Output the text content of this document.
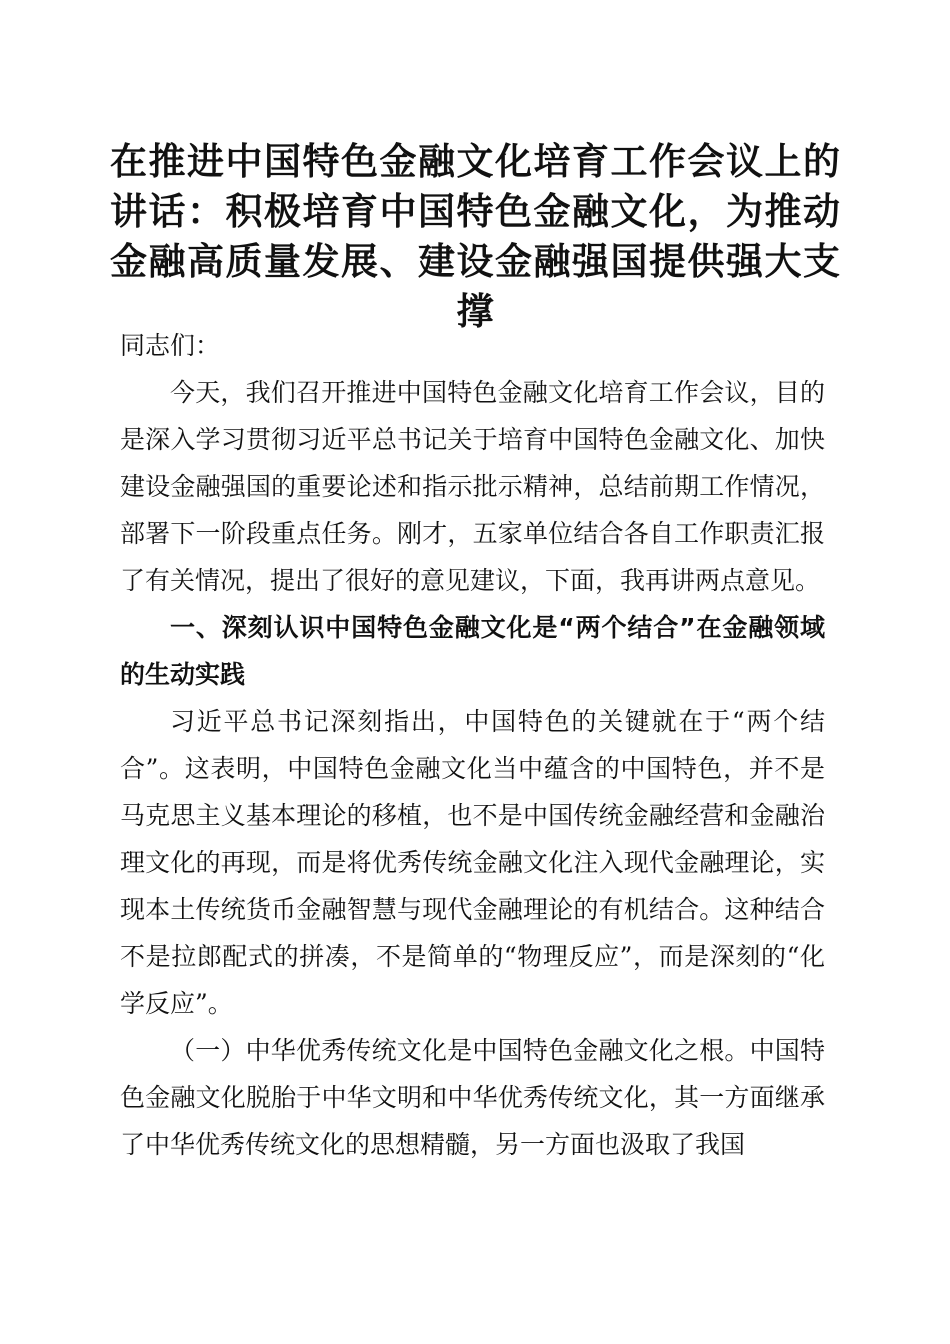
在推进中国特色金融文化培育工作会议上的讲话：积极培育中国特色金融文化，为推动金融高质量发展、建设金融强国提供强大支撑

同志们：

今天，我们召开推进中国特色金融文化培育工作会议，目的是深入学习贯彻习近平总书记关于培育中国特色金融文化、加快建设金融强国的重要论述和指示批示精神，总结前期工作情况，部署下一阶段重点任务。刚才，五家单位结合各自工作职责汇报了有关情况，提出了很好的意见建议，下面，我再讲两点意见。

一、深刻认识中国特色金融文化是“两个结合”在金融领域的生动实践

习近平总书记深刻指出，中国特色的关键就在于“两个结合”。这表明，中国特色金融文化当中蕴含的中国特色，并不是马克思主义基本理论的移植，也不是中国传统金融经营和金融治理文化的再现，而是将优秀传统金融文化注入现代金融理论，实现本土传统货币金融智慧与现代金融理论的有机结合。这种结合不是拉郎配式的拼凑，不是简单的“物理反应”，而是深刻的“化学反应”。

（一）中华优秀传统文化是中国特色金融文化之根。中国特色金融文化脱胎于中华文明和中华优秀传统文化，其一方面继承了中华优秀传统文化的思想精髓，另一方面也汲取了我国
